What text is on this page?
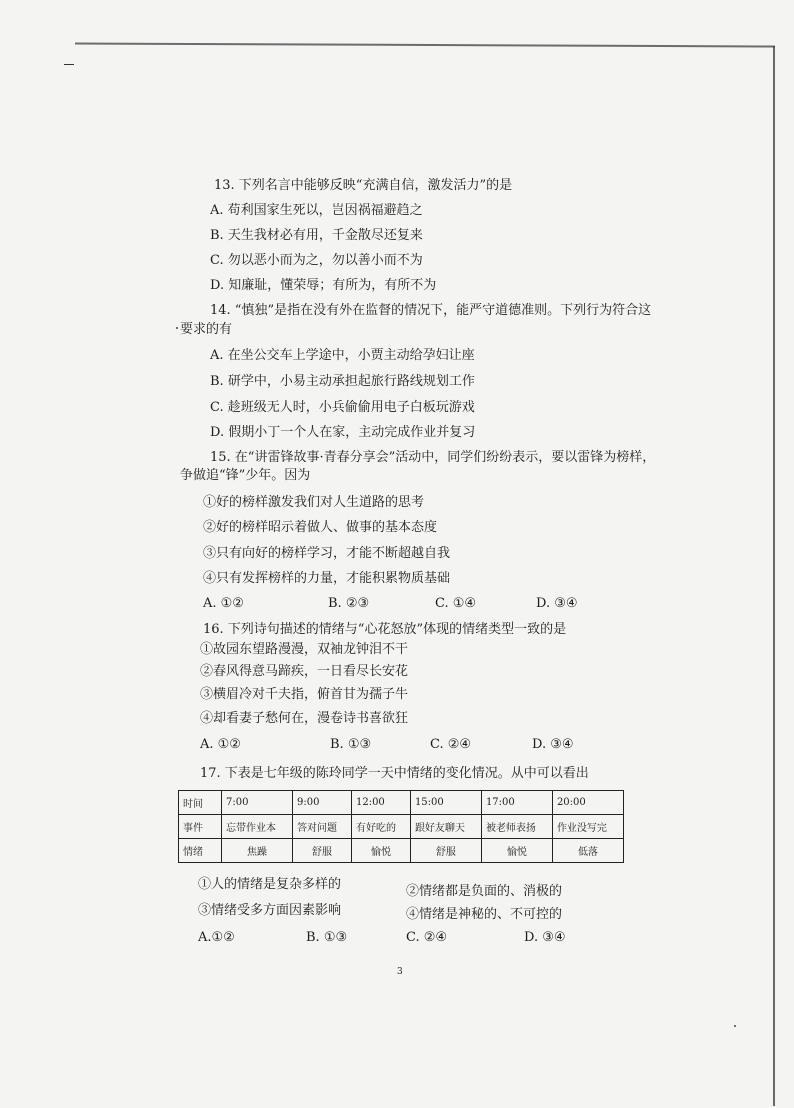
13. 下列名言中能够反映“充满自信，激发活力”的是
A. 苟利国家生死以，岂因祸福避趋之
B. 天生我材必有用，千金散尽还复来
C. 勿以恶小而为之，勿以善小而不为
D. 知廉耻，懂荣辱；有所为，有所不为
14. “慎独”是指在没有外在监督的情况下，能严守道德准则。下列行为符合这
要求的有
A. 在坐公交车上学途中，小贾主动给孕妇让座
B. 研学中，小易主动承担起旅行路线规划工作
C. 趁班级无人时，小兵偷偷用电子白板玩游戏
D. 假期小丁一个人在家，主动完成作业并复习
15. 在“讲雷锋故事·青春分享会”活动中，同学们纷纷表示，要以雷锋为榜样，
争做追“锋”少年。因为
①好的榜样激发我们对人生道路的思考
②好的榜样昭示着做人、做事的基本态度
③只有向好的榜样学习，才能不断超越自我
④只有发挥榜样的力量，才能积累物质基础
A. ①②	B. ②③	C. ①④	D. ③④
16. 下列诗句描述的情绪与“心花怒放”体现的情绪类型一致的是
①故园东望路漫漫，双袖龙钟泪不干
②春风得意马蹄疾，一日看尽长安花
③横眉冷对千夫指，俯首甘为孺子牛
④却看妻子愁何在，漫卷诗书喜欲狂
A. ①②	B. ①③	C. ②④	D. ③④
17. 下表是七年级的陈玲同学一天中情绪的变化情况。从中可以看出
时间	7:00	9:00	12:00	15:00	17:00	20:00
事件	忘带作业本	答对问题	有好吃的	跟好友聊天	被老师表扬	作业没写完
情绪	焦躁	舒服	愉悦	舒服	愉悦	低落
①人的情绪是复杂多样的	②情绪都是负面的、消极的
③情绪受多方面因素影响	④情绪是神秘的、不可控的
A.①②	B. ①③	C. ②④	D. ③④
3
